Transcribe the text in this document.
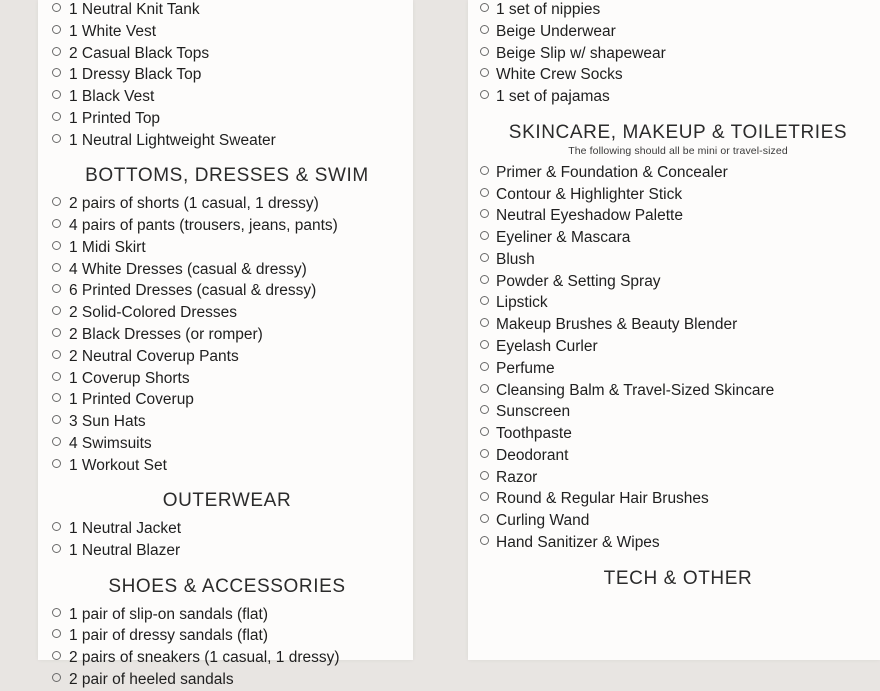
1 Neutral Knit Tank
1 White Vest
2 Casual Black Tops
1 Dressy Black Top
1 Black Vest
1 Printed Top
1 Neutral Lightweight Sweater
BOTTOMS, DRESSES & SWIM
2 pairs of shorts (1 casual, 1 dressy)
4 pairs of pants (trousers, jeans, pants)
1 Midi Skirt
4 White Dresses (casual & dressy)
6 Printed Dresses (casual & dressy)
2 Solid-Colored Dresses
2 Black Dresses (or romper)
2 Neutral Coverup Pants
1 Coverup Shorts
1 Printed Coverup
3 Sun Hats
4 Swimsuits
1 Workout Set
OUTERWEAR
1 Neutral Jacket
1 Neutral Blazer
SHOES & ACCESSORIES
1 pair of slip-on sandals (flat)
1 pair of dressy sandals (flat)
2 pairs of sneakers (1 casual, 1 dressy)
2 pair of heeled sandals
1 set of nippies
Beige Underwear
Beige Slip w/ shapewear
White Crew Socks
1 set of pajamas
SKINCARE, MAKEUP & TOILETRIES
The following should all be mini or travel-sized
Primer & Foundation & Concealer
Contour & Highlighter Stick
Neutral Eyeshadow Palette
Eyeliner & Mascara
Blush
Powder & Setting Spray
Lipstick
Makeup Brushes & Beauty Blender
Eyelash Curler
Perfume
Cleansing Balm & Travel-Sized Skincare
Sunscreen
Toothpaste
Deodorant
Razor
Round & Regular Hair Brushes
Curling Wand
Hand Sanitizer & Wipes
TECH & OTHER
